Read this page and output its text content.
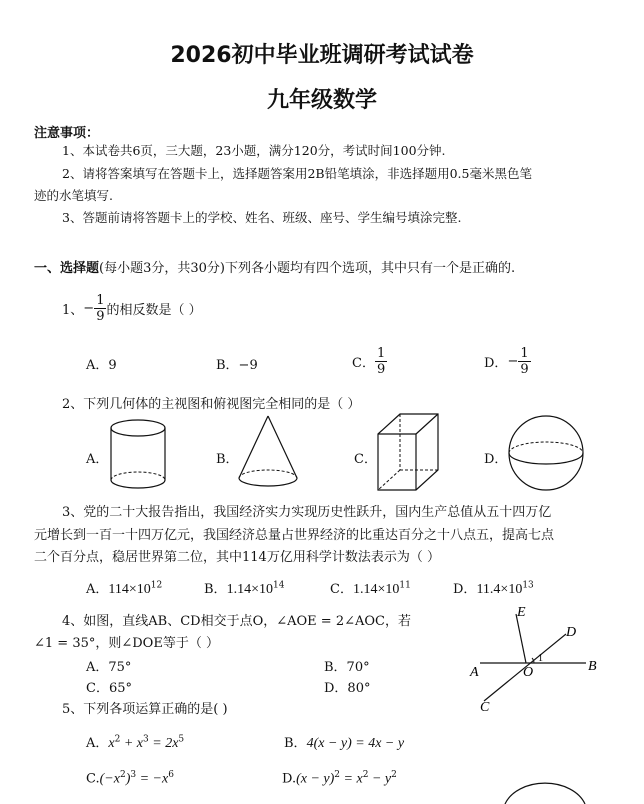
2026初中毕业班调研考试试卷
九年级数学
注意事项：
1、本试卷共6页，三大题，23小题，满分120分，考试时间100分钟.
2、请将答案填写在答题卡上，选择题答案用2B铅笔填涂，非选择题用0.5毫米黑色笔
迹的水笔填写.
3、答题前请将答题卡上的学校、姓名、班级、座号、学生编号填涂完整.
一、选择题(每小题3分，共30分)下列各小题均有四个选项，其中只有一个是正确的.
1、 − $\frac{1}{9}$ 的相反数是（ ）
A．9	B．−9	C． $\frac{1}{9}$	D． − $\frac{1}{9}$
2、下列几何体的主视图和俯视图完全相同的是（ ）
A．	B．	C．	D．
3、党的二十大报告指出，我国经济实力实现历史性跃升，国内生产总值从五十四万亿
元增长到一百一十四万亿元，我国经济总量占世界经济的比重达百分之十八点五，提高七点
二个百分点，稳居世界第二位，其中114万亿用科学计数法表示为（ ）
A．$114\times 10^{12}$	B．$1.14\times 10^{14}$	C．$1.14\times 10^{11}$	D．$11.4\times 10^{13}$
4、如图，直线AB、CD相交于点O，∠AOE = 2∠AOC，若
∠1 = 35°，则∠DOE等于（ ）
A．75°	B．70°
C．65°	D．80°
E
D
A	O	B
C
1
5、下列各项运算正确的是( )
A．$x^2 + x^3 = 2x^5$	B．4(x − y) = 4x − y
$C.(-x^2)^3 = -x^6$	$D.(x - y)^2 = x^2 - y^2$
